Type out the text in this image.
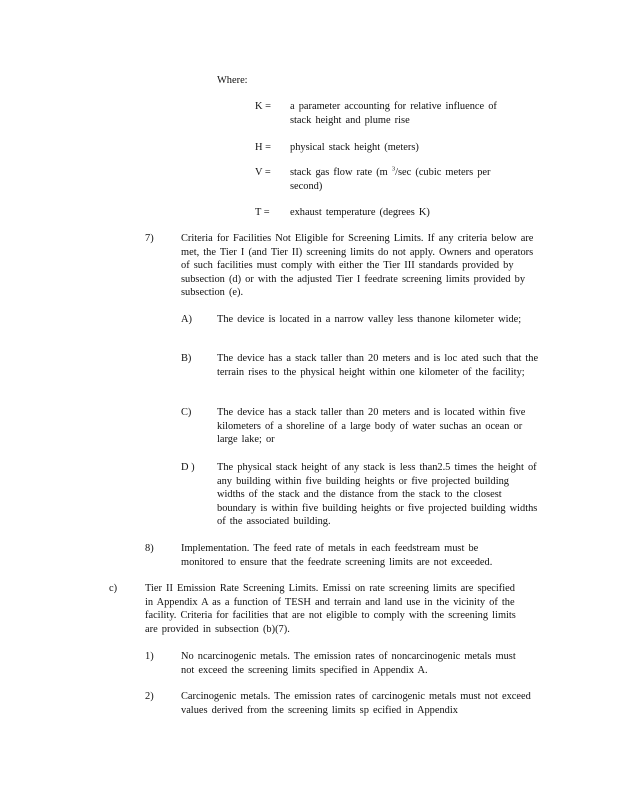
Where:
K = a parameter accounting for relative influence of stack height and plume rise
H = physical stack height (meters)
V = stack gas flow rate (m $^3$/sec (cubic meters per second)
T = exhaust temperature (degrees K)
7)	Criteria for Facilities Not Eligible for Screening Limits. If any criteria below are met, the Tier I (and Tier II) screening limits do not apply. Owners and operators of such facilities must comply with either the Tier III standards provided by subsection (d) or with the adjusted Tier I feedrate screening limits provided by subsection (e).
A) The device is located in a narrow valley less thanone kilometer wide;
B) The device has a stack taller than 20 meters and is loc ated such that the terrain rises to the physical height within one kilometer of the facility;
C) The device has a stack taller than 20 meters and is located within five kilometers of a shoreline of a large body of water suchas an ocean or large lake; or
D ) The physical stack height of any stack is less than2.5 times the height of any building within five building heights or five projected building widths of the stack and the distance from the stack to the closest boundary is within five building heights or five projected building widths of the associated building.
8)	Implementation. The feed rate of metals in each feedstream must be monitored to ensure that the feedrate screening limits are not exceeded.
c)	Tier II Emission Rate Screening Limits. Emissi on rate screening limits are specified in Appendix A as a function of TESH and terrain and land use in the vicinity of the facility. Criteria for facilities that are not eligible to comply with the screening limits are provided in subsection (b)(7).
1)	No ncarcinogenic metals. The emission rates of noncarcinogenic metals must not exceed the screening limits specified in Appendix A.
2)	Carcinogenic metals. The emission rates of carcinogenic metals must not exceed values derived from the screening limits sp ecified in Appendix
